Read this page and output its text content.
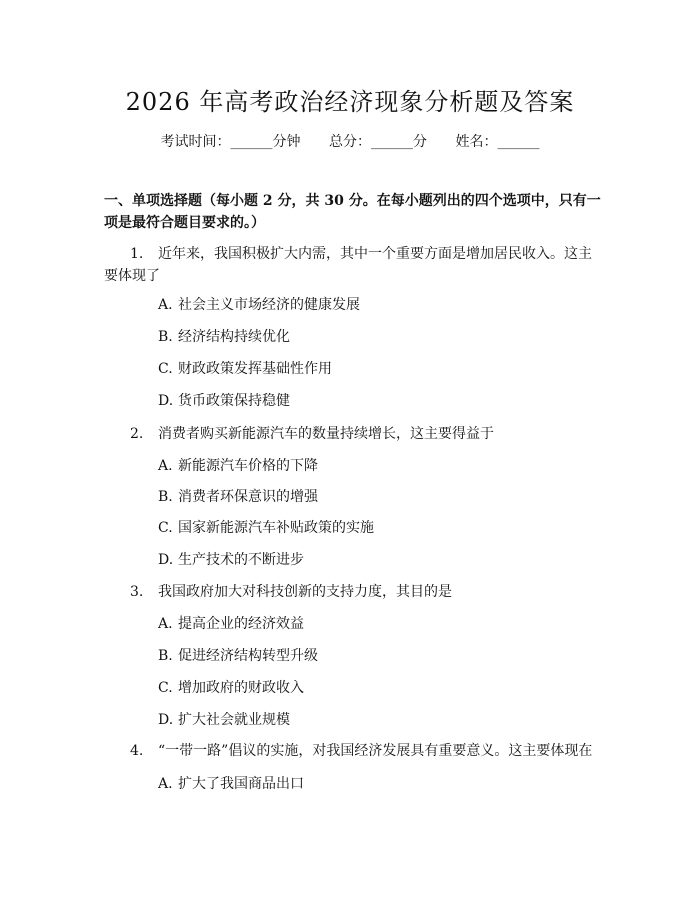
2026 年高考政治经济现象分析题及答案
考试时间：______分钟 总分：______分 姓名：______
一、单项选择题（每小题 2 分，共 30 分。在每小题列出的四个选项中，只有一项是最符合题目要求的。）
1. 近年来，我国积极扩大内需，其中一个重要方面是增加居民收入。这主要体现了
A. 社会主义市场经济的健康发展
B. 经济结构持续优化
C. 财政政策发挥基础性作用
D. 货币政策保持稳健
2. 消费者购买新能源汽车的数量持续增长，这主要得益于
A. 新能源汽车价格的下降
B. 消费者环保意识的增强
C. 国家新能源汽车补贴政策的实施
D. 生产技术的不断进步
3. 我国政府加大对科技创新的支持力度，其目的是
A. 提高企业的经济效益
B. 促进经济结构转型升级
C. 增加政府的财政收入
D. 扩大社会就业规模
4. “一带一路”倡议的实施，对我国经济发展具有重要意义。这主要体现在
A. 扩大了我国商品出口
